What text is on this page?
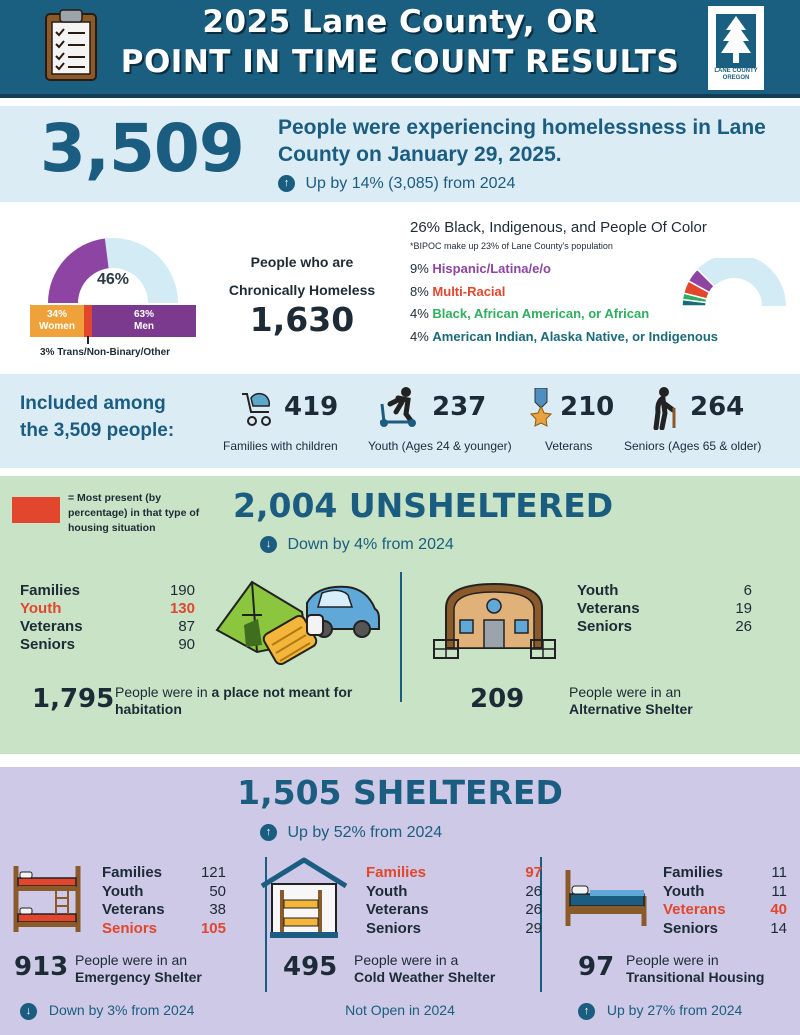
2025 Lane County, OR
POINT IN TIME COUNT RESULTS	LANE COUNTY OREGON
3,509 People were experiencing homelessness in Lane County on January 29, 2025.
↑ Up by 14% (3,085) from 2024
46%
34%
Women
63%
Men
3% Trans/Non-Binary/Other
People who are
Chronically Homeless
1,630
26% Black, Indigenous, and People Of Color
*BIPOC make up 23% of Lane County's population
9% Hispanic/Latina/e/o
8% Multi-Racial
4% Black, African American, or African
4% American Indian, Alaska Native, or Indigenous
Included among
the 3,509 people:
419
Families with children
237
Youth (Ages 24 & younger)
210
Veterans
264
Seniors (Ages 65 & older)
= Most present (by percentage) in that type of housing situation
2,004 UNSHELTERED
↓ Down by 4% from 2024
Families	190
Youth	130
Veterans	87
Seniors	90
1,795 People were in a place not meant for habitation
Youth	6
Veterans	19
Seniors	26
209	People were in an
Alternative Shelter
1,505 SHELTERED
↑ Up by 52% from 2024
Families	121
Youth	50
Veterans	38
Seniors	105
913 People were in an
Emergency Shelter
↓ Down by 3% from 2024
Families	97
Youth	26
Veterans	26
Seniors	29
495 People were in a
Cold Weather Shelter
Not Open in 2024
Families	11
Youth	11
Veterans	40
Seniors	14
97 People were in
Transitional Housing
↑ Up by 27% from 2024
